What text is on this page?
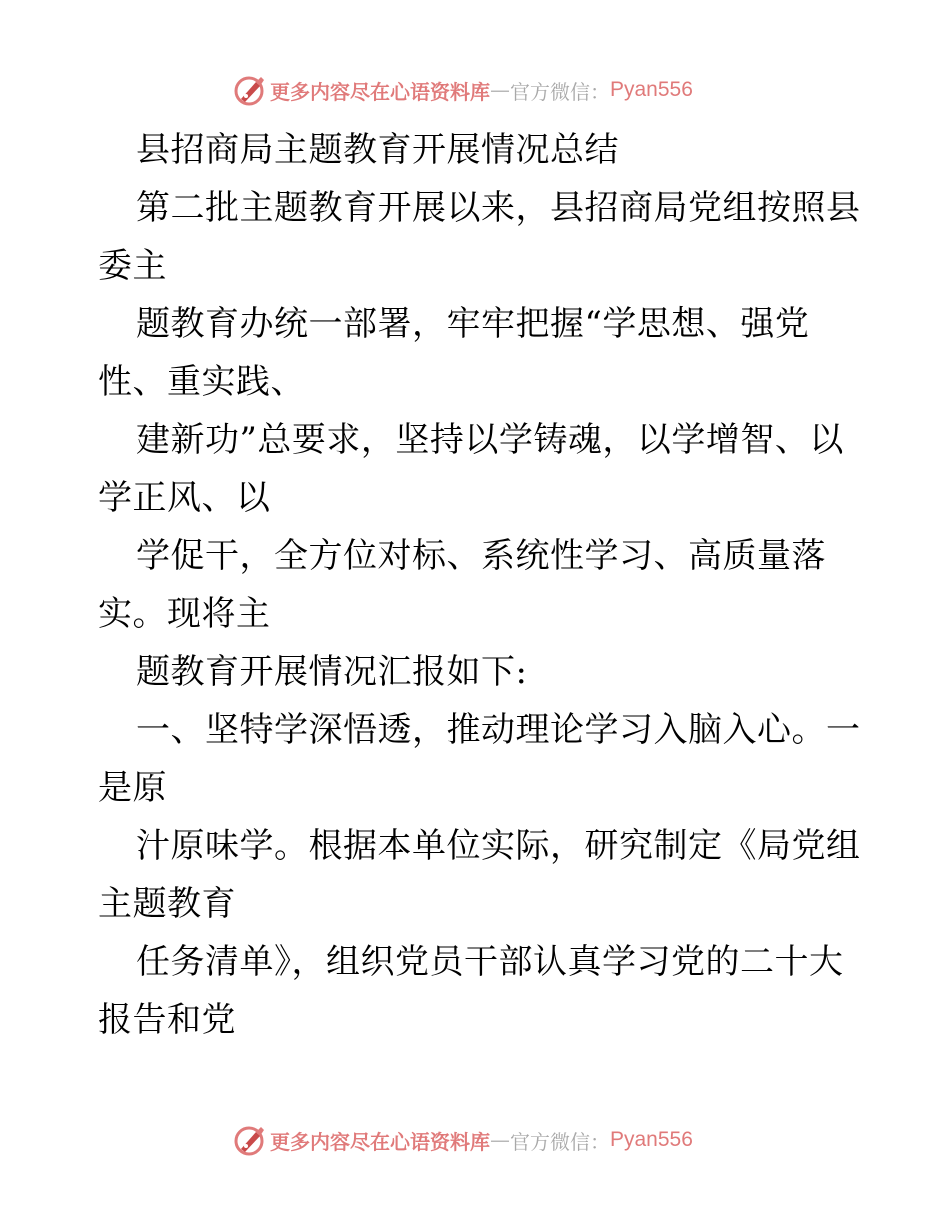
更多内容尽在心语资料库 — 官方微信： Pyan556
县招商局主题教育开展情况总结
第二批主题教育开展以来，县招商局党组按照县
委主
题教育办统一部署，牢牢把握“学思想、强党
性、重实践、
建新功”总要求，坚持以学铸魂，以学增智、以
学正风、以
学促干，全方位对标、系统性学习、高质量落
实。现将主
题教育开展情况汇报如下:
一、坚特学深悟透，推动理论学习入脑入心。一
是原
汁原味学。根据本单位实际，研究制定《局党组
主题教育
任务清单》，组织党员干部认真学习党的二十大
报告和党
更多内容尽在心语资料库 — 官方微信： Pyan556
